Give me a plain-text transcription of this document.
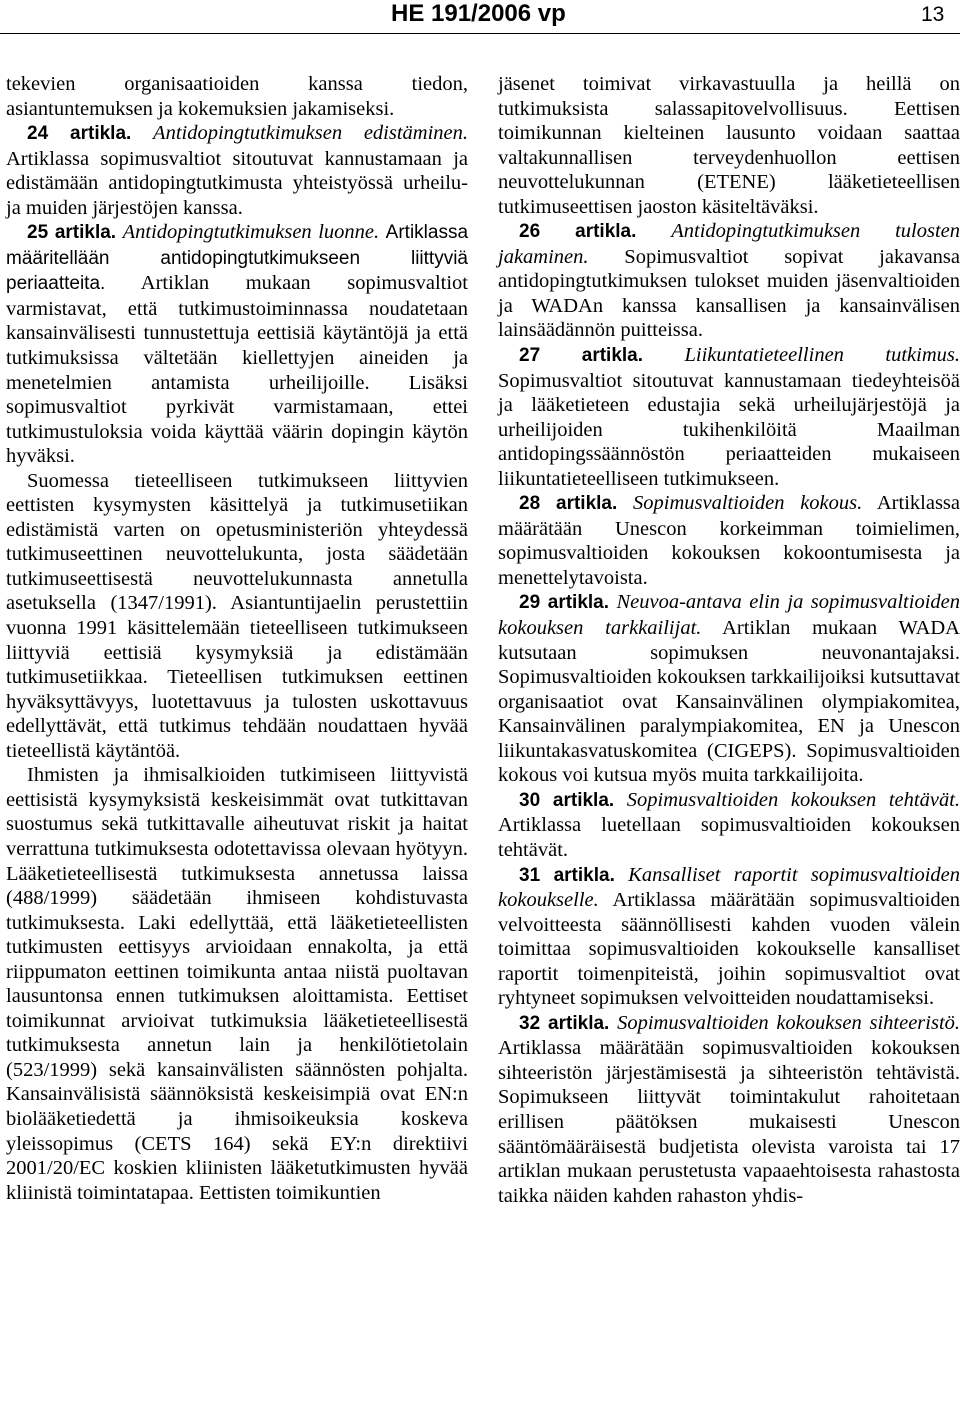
HE 191/2006 vp	13

tekevien organisaatioiden kanssa tiedon, asiantuntemuksen ja kokemuksien jakamiseksi.

24 artikla. Antidopingtutkimuksen edistäminen. Artiklassa sopimusvaltiot sitoutuvat kannustamaan ja edistämään antidopingtutkimusta yhteistyössä urheilu- ja muiden järjestöjen kanssa.

25 artikla. Antidopingtutkimuksen luonne. Artiklassa määritellään antidopingtutkimukseen liittyviä periaatteita. Artiklan mukaan sopimusvaltiot varmistavat, että tutkimustoiminnassa noudatetaan kansainvälisesti tunnustettuja eettisiä käytäntöjä ja että tutkimuksissa vältetään kiellettyjen aineiden ja menetelmien antamista urheilijoille. Lisäksi sopimusvaltiot pyrkivät varmistamaan, ettei tutkimustuloksia voida käyttää väärin dopingin käytön hyväksi.

Suomessa tieteelliseen tutkimukseen liittyvien eettisten kysymysten käsittelyä ja tutkimusetiikan edistämistä varten on opetusministeriön yhteydessä tutkimuseettinen neuvottelukunta, josta säädetään tutkimuseettisestä neuvottelukunnasta annetulla asetuksella (1347/1991). Asiantuntijaelin perustettiin vuonna 1991 käsittelemään tieteelliseen tutkimukseen liittyviä eettisiä kysymyksiä ja edistämään tutkimusetiikkaa. Tieteellisen tutkimuksen eettinen hyväksyttävyys, luotettavuus ja tulosten uskottavuus edellyttävät, että tutkimus tehdään noudattaen hyvää tieteellistä käytäntöä.

Ihmisten ja ihmisalkioiden tutkimiseen liittyvistä eettisistä kysymyksistä keskeisimmät ovat tutkittavan suostumus sekä tutkittavalle aiheutuvat riskit ja haitat verrattuna tutkimuksesta odotettavissa olevaan hyötyyn. Lääketieteellisestä tutkimuksesta annetussa laissa (488/1999) säädetään ihmiseen kohdistuvasta tutkimuksesta. Laki edellyttää, että lääketieteellisten tutkimusten eettisyys arvioidaan ennakolta, ja että riippumaton eettinen toimikunta antaa niistä puoltavan lausuntonsa ennen tutkimuksen aloittamista. Eettiset toimikunnat arvioivat tutkimuksia lääketieteellisestä tutkimuksesta annetun lain ja henkilötietolain (523/1999) sekä kansainvälisten säännösten pohjalta. Kansainvälisistä säännöksistä keskeisimpiä ovat EN:n biolääketiedettä ja ihmisoikeuksia koskeva yleissopimus (CETS 164) sekä EY:n direktiivi 2001/20/EC koskien kliinisten lääketutkimusten hyvää kliinistä toimintatapaa. Eettisten toimikuntien

jäsenet toimivat virkavastuulla ja heillä on tutkimuksista salassapitovelvollisuus. Eettisen toimikunnan kielteinen lausunto voidaan saattaa valtakunnallisen terveydenhuollon eettisen neuvottelukunnan (ETENE) lääketieteellisen tutkimuseettisen jaoston käsiteltäväksi.

26 artikla. Antidopingtutkimuksen tulosten jakaminen. Sopimusvaltiot sopivat jakavansa antidopingtutkimuksen tulokset muiden jäsenvaltioiden ja WADAn kanssa kansallisen ja kansainvälisen lainsäädännön puitteissa.

27 artikla. Liikuntatieteellinen tutkimus. Sopimusvaltiot sitoutuvat kannustamaan tiedeyhteisöä ja lääketieteen edustajia sekä urheilujärjestöjä ja urheilijoiden tukihenkilöitä Maailman antidopingssäännöstön periaatteiden mukaiseen liikuntatieteelliseen tutkimukseen.

28 artikla. Sopimusvaltioiden kokous. Artiklassa määrätään Unescon korkeimman toimielimen, sopimusvaltioiden kokouksen kokoontumisesta ja menettelytavoista.

29 artikla. Neuvoa-antava elin ja sopimusvaltioiden kokouksen tarkkailijat. Artiklan mukaan WADA kutsutaan sopimuksen neuvonantajaksi. Sopimusvaltioiden kokouksen tarkkailijoiksi kutsuttavat organisaatiot ovat Kansainvälinen olympiakomitea, Kansainvälinen paralympiakomitea, EN ja Unescon liikuntakasvatuskomitea (CIGEPS). Sopimusvaltioiden kokous voi kutsua myös muita tarkkailijoita.

30 artikla. Sopimusvaltioiden kokouksen tehtävät. Artiklassa luetellaan sopimusvaltioiden kokouksen tehtävät.

31 artikla. Kansalliset raportit sopimusvaltioiden kokoukselle. Artiklassa määrätään sopimusvaltioiden velvoitteesta säännöllisesti kahden vuoden välein toimittaa sopimusvaltioiden kokoukselle kansalliset raportit toimenpiteistä, joihin sopimusvaltiot ovat ryhtyneet sopimuksen velvoitteiden noudattamiseksi.

32 artikla. Sopimusvaltioiden kokouksen sihteeristö. Artiklassa määrätään sopimusvaltioiden kokouksen sihteeristön järjestämisestä ja sihteeristön tehtävistä. Sopimukseen liittyvät toimintakulut rahoitetaan erillisen päätöksen mukaisesti Unescon sääntömääräisestä budjetista olevista varoista tai 17 artiklan mukaan perustetusta vapaaehtoisesta rahastosta taikka näiden kahden rahaston yhdis-
